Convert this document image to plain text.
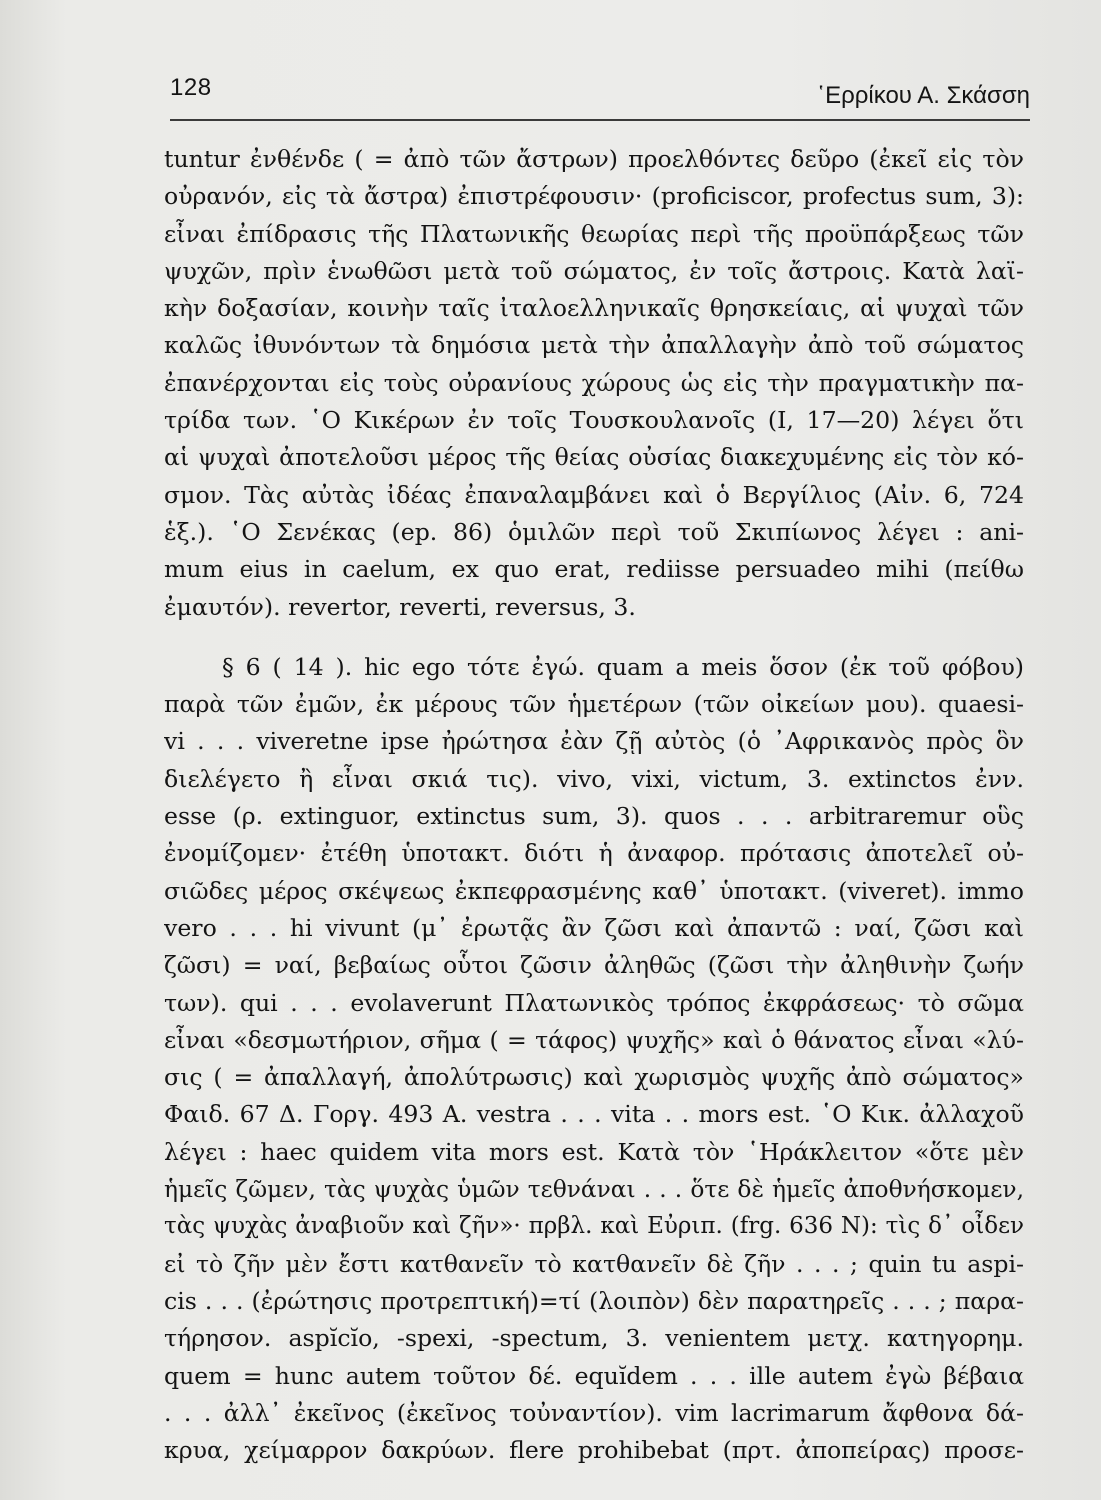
128	῾Ερρίκου Α. Σκάσση
tuntur ἐνθένδε ( = ἀπὸ τῶν ἄστρων) προελθόντες δεῦρο (ἐκεῖ εἰς τὸν
οὐρανόν, εἰς τὰ ἄστρα) ἐπιστρέφουσιν· (proficiscor, profectus sum, 3):
εἶναι ἐπίδρασις τῆς Πλατωνικῆς θεωρίας περὶ τῆς προϋπάρξεως τῶν
ψυχῶν, πρὶν ἑνωθῶσι μετὰ τοῦ σώματος, ἐν τοῖς ἄστροις. Κατὰ λαϊ-
κὴν δοξασίαν, κοινὴν ταῖς ἰταλοελληνικαῖς θρησκείαις, αἱ ψυχαὶ τῶν
καλῶς ἰθυνόντων τὰ δημόσια μετὰ τὴν ἀπαλλαγὴν ἀπὸ τοῦ σώματος
ἐπανέρχονται εἰς τοὺς οὐρανίους χώρους ὡς εἰς τὴν πραγματικὴν πα-
τρίδα των. ῾Ο Κικέρων ἐν τοῖς Τουσκουλανοῖς (Ι, 17—20) λέγει ὅτι
αἱ ψυχαὶ ἀποτελοῦσι μέρος τῆς θείας οὐσίας διακεχυμένης εἰς τὸν κό-
σμον. Τὰς αὐτὰς ἰδέας ἐπαναλαμβάνει καὶ ὁ Βεργίλιος (Αἰν. 6, 724
ἑξ.). ῾Ο Σενέκας (ep. 86) ὁμιλῶν περὶ τοῦ Σκιπίωνος λέγει : ani-
mum eius in caelum, ex quo erat, rediisse persuadeo mihi (πείθω
ἐμαυτόν). revertor, reverti, reversus, 3.
§ 6 ( 14 ). hic ego τότε ἐγώ. quam a meis ὅσον (ἐκ τοῦ φόβου)
παρὰ τῶν ἐμῶν, ἐκ μέρους τῶν ἡμετέρων (τῶν οἰκείων μου). quaesi-
vi . . . viveretne ipse ἠρώτησα ἐὰν ζῇ αὐτὸς (ὁ ᾿Αφρικανὸς πρὸς ὃν
διελέγετο ἢ εἶναι σκιά τις). vivo, vixi, victum, 3. extinctos ἐνν.
esse (ρ. extinguor, extinctus sum, 3). quos . . . arbitraremur οὓς
ἐνομίζομεν· ἐτέθη ὑποτακτ. διότι ἡ ἀναφορ. πρότασις ἀποτελεῖ οὐ-
σιῶδες μέρος σκέψεως ἐκπεφρασμένης καθ᾿ ὑποτακτ. (viveret). immo
vero . . . hi vivunt (μ᾿ ἐρωτᾷς ἂν ζῶσι καὶ ἀπαντῶ : ναί, ζῶσι καὶ
ζῶσι) = ναί, βεβαίως οὗτοι ζῶσιν ἀληθῶς (ζῶσι τὴν ἀληθινὴν ζωήν
των). qui . . . evolaverunt Πλατωνικὸς τρόπος ἐκφράσεως· τὸ σῶμα
εἶναι «δεσμωτήριον, σῆμα ( = τάφος) ψυχῆς» καὶ ὁ θάνατος εἶναι «λύ-
σις ( = ἀπαλλαγή, ἀπολύτρωσις) καὶ χωρισμὸς ψυχῆς ἀπὸ σώματος»
Φαιδ. 67 Δ. Γοργ. 493 Α. vestra . . . vita . . mors est. ῾Ο Κικ. ἀλλαχοῦ
λέγει : haec quidem vita mors est. Κατὰ τὸν ῾Ηράκλειτον «ὅτε μὲν
ἡμεῖς ζῶμεν, τὰς ψυχὰς ὑμῶν τεθνάναι . . . ὅτε δὲ ἡμεῖς ἀποθνήσκομεν,
τὰς ψυχὰς ἀναβιοῦν καὶ ζῆν»· πρβλ. καὶ Εὐριπ. (frg. 636 N): τὶς δ᾿ οἶδεν
εἰ τὸ ζῆν μὲν ἔστι κατθανεῖν τὸ κατθανεῖν δὲ ζῆν . . . ; quin tu aspi-
cis . . . (ἐρώτησις προτρεπτική)=τί (λοιπὸν) δὲν παρατηρεῖς . . . ; παρα-
τήρησον. aspĭcĭo, -spexi, -spectum, 3. venientem μετχ. κατηγορημ.
quem = hunc autem τοῦτον δέ. equĭdem . . . ille autem ἐγὼ βέβαια
. . . ἀλλ᾿ ἐκεῖνος (ἐκεῖνος τοὐναντίον). vim lacrimarum ἄφθονα δά-
κρυα, χείμαρρον δακρύων. flere prohibebat (πρτ. ἀποπείρας) προσε-
